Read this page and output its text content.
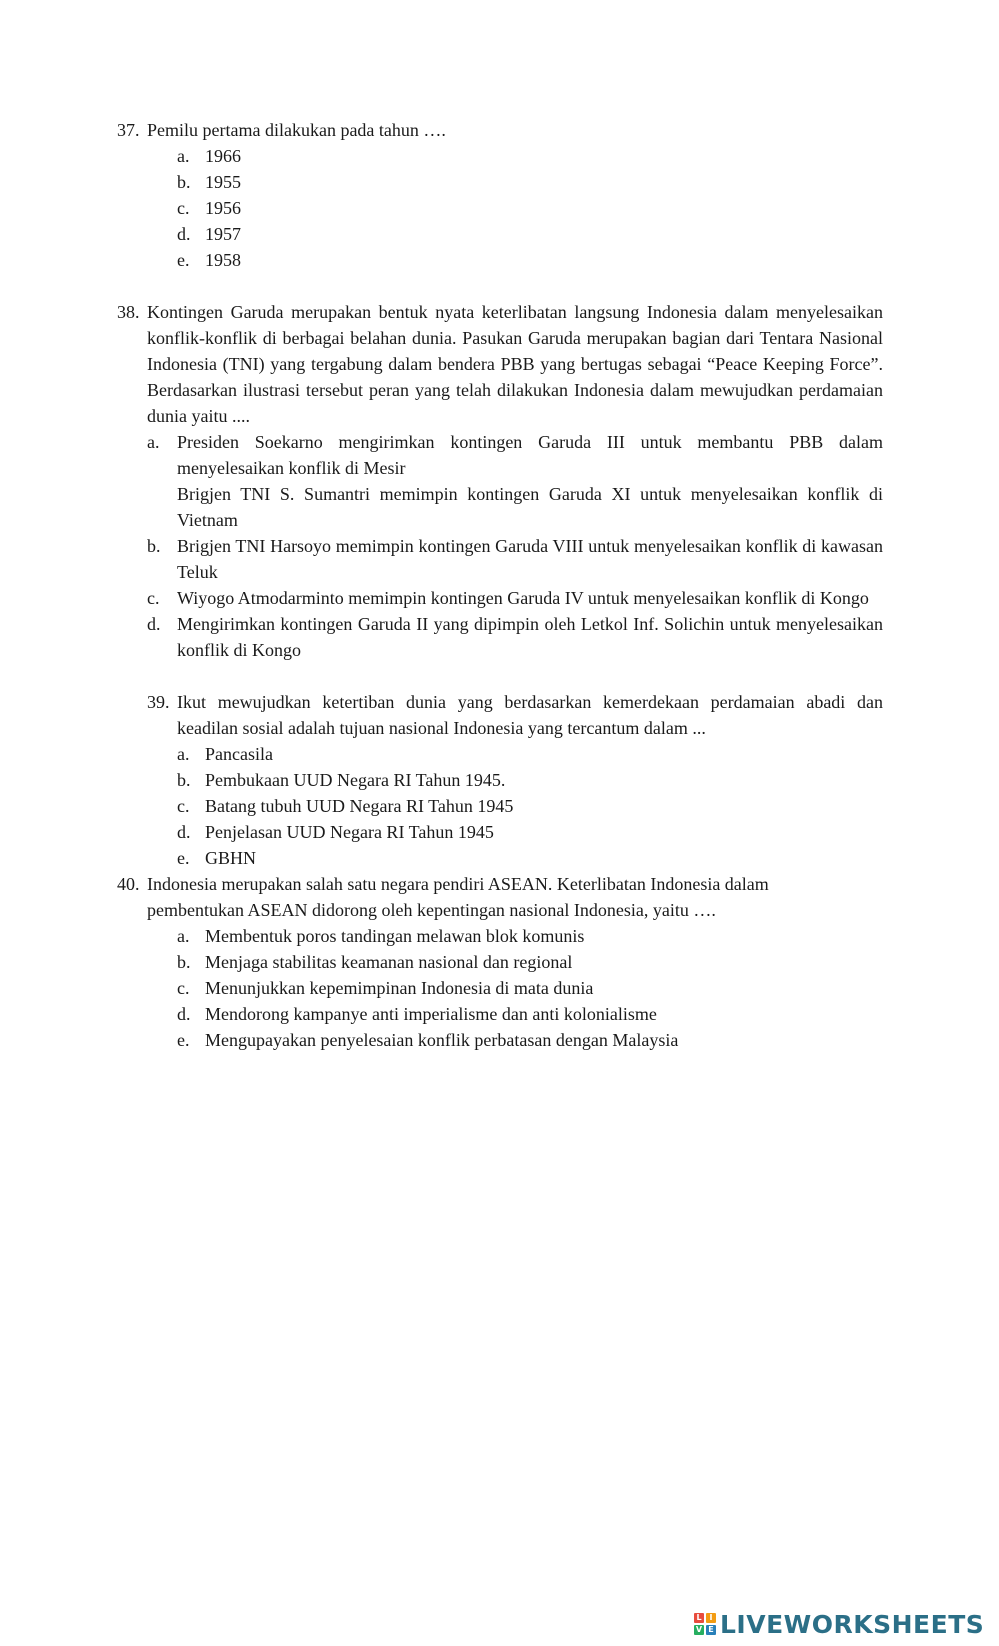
37. Pemilu pertama dilakukan pada tahun ….
a. 1966
b. 1955
c. 1956
d. 1957
e. 1958
38. Kontingen Garuda merupakan bentuk nyata keterlibatan langsung Indonesia dalam menyelesaikan konflik-konflik di berbagai belahan dunia. Pasukan Garuda merupakan bagian dari Tentara Nasional Indonesia (TNI) yang tergabung dalam bendera PBB yang bertugas sebagai “Peace Keeping Force”. Berdasarkan ilustrasi tersebut peran yang telah dilakukan Indonesia dalam mewujudkan perdamaian dunia yaitu ....
a. Presiden Soekarno mengirimkan kontingen Garuda III untuk membantu PBB dalam menyelesaikan konflik di Mesir
Brigjen TNI S. Sumantri memimpin kontingen Garuda XI untuk menyelesaikan konflik di Vietnam
b. Brigjen TNI Harsoyo memimpin kontingen Garuda VIII untuk menyelesaikan konflik di kawasan Teluk
c. Wiyogo Atmodarminto memimpin kontingen Garuda IV untuk menyelesaikan konflik di Kongo
d. Mengirimkan kontingen Garuda II yang dipimpin oleh Letkol Inf. Solichin untuk menyelesaikan konflik di Kongo
39. Ikut mewujudkan ketertiban dunia yang berdasarkan kemerdekaan perdamaian abadi dan keadilan sosial adalah tujuan nasional Indonesia yang tercantum dalam ...
a. Pancasila
b. Pembukaan UUD Negara RI Tahun 1945.
c. Batang tubuh UUD Negara RI Tahun 1945
d. Penjelasan UUD Negara RI Tahun 1945
e. GBHN
40. Indonesia merupakan salah satu negara pendiri ASEAN. Keterlibatan Indonesia dalam pembentukan ASEAN didorong oleh kepentingan nasional Indonesia, yaitu ….
a. Membentuk poros tandingan melawan blok komunis
b. Menjaga stabilitas keamanan nasional dan regional
c. Menunjukkan kepemimpinan Indonesia di mata dunia
d. Mendorong kampanye anti imperialisme dan anti kolonialisme
e. Mengupayakan penyelesaian konflik perbatasan dengan Malaysia
L I
V E LIVEWORKSHEETS
